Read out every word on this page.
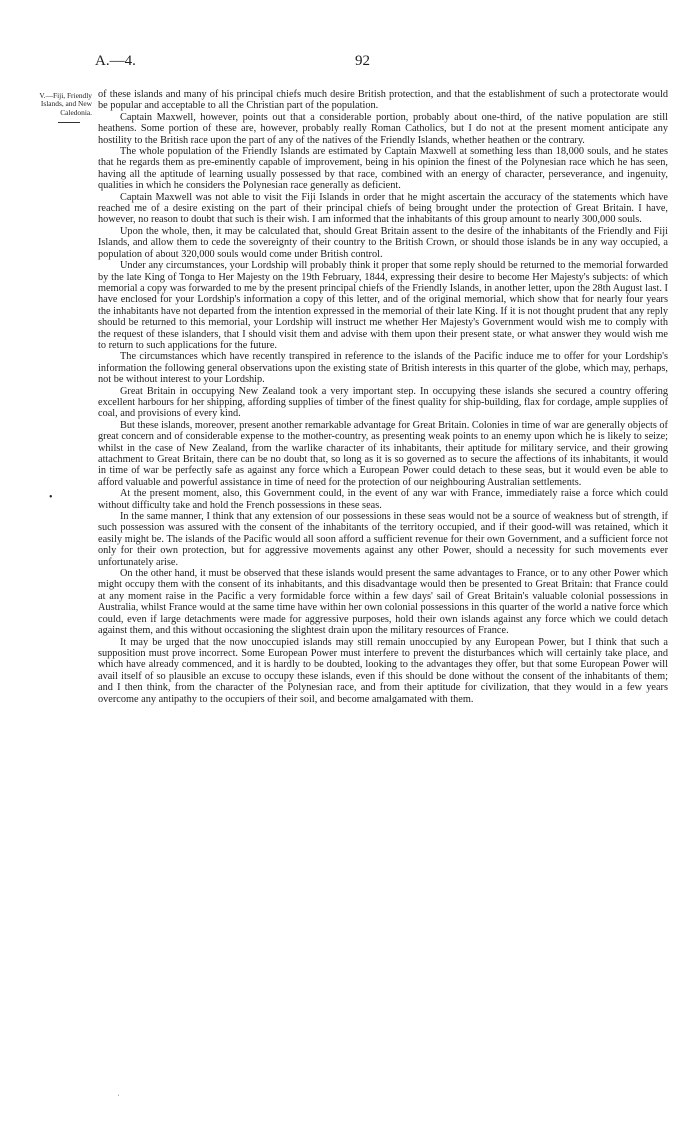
A.—4.	92
V.—Fiji, Friendly Islands, and New Caledonia.

of these islands and many of his principal chiefs much desire British protection, and that the establishment of such a protectorate would be popular and acceptable to all the Christian part of the population.

Captain Maxwell, however, points out that a considerable portion, probably about one-third, of the native population are still heathens. Some portion of these are, however, probably really Roman Catholics, but I do not at the present moment anticipate any hostility to the British race upon the part of any of the natives of the Friendly Islands, whether heathen or the contrary.

The whole population of the Friendly Islands are estimated by Captain Maxwell at something less than 18,000 souls, and he states that he regards them as pre-eminently capable of improvement, being in his opinion the finest of the Polynesian race which he has seen, having all the aptitude of learning usually possessed by that race, combined with an energy of character, perseverance, and ingenuity, qualities in which he considers the Polynesian race generally as deficient.

Captain Maxwell was not able to visit the Fiji Islands in order that he might ascertain the accuracy of the statements which have reached me of a desire existing on the part of their principal chiefs of being brought under the protection of Great Britain. I have, however, no reason to doubt that such is their wish. I am informed that the inhabitants of this group amount to nearly 300,000 souls.

Upon the whole, then, it may be calculated that, should Great Britain assent to the desire of the inhabitants of the Friendly and Fiji Islands, and allow them to cede the sovereignty of their country to the British Crown, or should those islands be in any way occupied, a population of about 320,000 souls would come under British control.

Under any circumstances, your Lordship will probably think it proper that some reply should be returned to the memorial forwarded by the late King of Tonga to Her Majesty on the 19th February, 1844, expressing their desire to become Her Majesty's subjects: of which memorial a copy was forwarded to me by the present principal chiefs of the Friendly Islands, in another letter, upon the 28th August last. I have enclosed for your Lordship's information a copy of this letter, and of the original memorial, which show that for nearly four years the inhabitants have not departed from the intention expressed in the memorial of their late King. If it is not thought prudent that any reply should be returned to this memorial, your Lordship will instruct me whether Her Majesty's Government would wish me to comply with the request of these islanders, that I should visit them and advise with them upon their present state, or what answer they would wish me to return to such applications for the future.

The circumstances which have recently transpired in reference to the islands of the Pacific induce me to offer for your Lordship's information the following general observations upon the existing state of British interests in this quarter of the globe, which may, perhaps, not be without interest to your Lordship.

Great Britain in occupying New Zealand took a very important step. In occupying these islands she secured a country offering excellent harbours for her shipping, affording supplies of timber of the finest quality for ship-building, flax for cordage, ample supplies of coal, and provisions of every kind.

But these islands, moreover, present another remarkable advantage for Great Britain. Colonies in time of war are generally objects of great concern and of considerable expense to the mother-country, as presenting weak points to an enemy upon which he is likely to seize; whilst in the case of New Zealand, from the warlike character of its inhabitants, their aptitude for military service, and their growing attachment to Great Britain, there can be no doubt that, so long as it is so governed as to secure the affections of its inhabitants, it would in time of war be perfectly safe as against any force which a European Power could detach to these seas, but it would even be able to afford valuable and powerful assistance in time of need for the protection of our neighbouring Australian settlements.

At the present moment, also, this Government could, in the event of any war with France, immediately raise a force which could without difficulty take and hold the French possessions in these seas.

In the same manner, I think that any extension of our possessions in these seas would not be a source of weakness but of strength, if such possession was assured with the consent of the inhabitants of the territory occupied, and if their good-will was retained, which it easily might be. The islands of the Pacific would all soon afford a sufficient revenue for their own Government, and a sufficient force not only for their own protection, but for aggressive movements against any other Power, should a necessity for such movements ever unfortunately arise.

On the other hand, it must be observed that these islands would present the same advantages to France, or to any other Power which might occupy them with the consent of its inhabitants, and this disadvantage would then be presented to Great Britain: that France could at any moment raise in the Pacific a very formidable force within a few days' sail of Great Britain's valuable colonial possessions in Australia, whilst France would at the same time have within her own colonial possessions in this quarter of the world a native force which could, even if large detachments were made for aggressive purposes, hold their own islands against any force which we could detach against them, and this without occasioning the slightest drain upon the military resources of France.

It may be urged that the now unoccupied islands may still remain unoccupied by any European Power, but I think that such a supposition must prove incorrect. Some European Power must interfere to prevent the disturbances which will certainly take place, and which have already commenced, and it is hardly to be doubted, looking to the advantages they offer, but that some European Power will avail itself of so plausible an excuse to occupy these islands, even if this should be done without the consent of the inhabitants of them; and I then think, from the character of the Polynesian race, and from their aptitude for civilization, that they would in a few years overcome any antipathy to the occupiers of their soil, and become amalgamated with them.

•
ˌ
